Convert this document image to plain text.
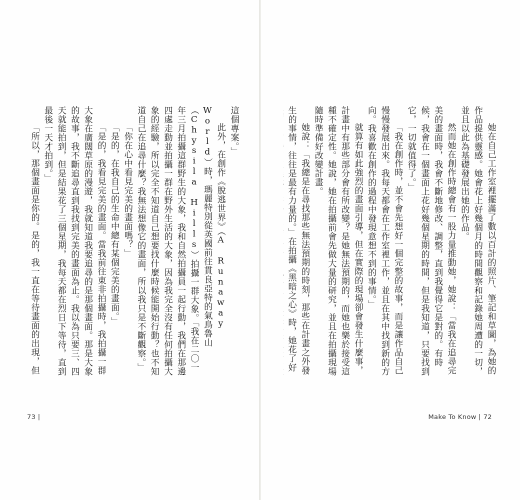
這個專案。」

此外，在創作《脫逃世界》（A Runaway World）時，瑪麗特別從英國前往貫良亞特的氣鳥魯山（Chysila Hills）拍攝一群大象。「我在二〇一年三月拍攝這群野生的大象，我和自然拍攝員一起行動，我們在那邊四處走動並拍攝一群在野外生活的大象，因為我完全沒有任何拍攝大象的經驗，所以完全不知道自己想要找什麼時候能開始行動？也不知道自己在追尋什麼？我無法想像它的畫面，所以我只是不斷觀察。」

「你在心中看見完美的畫面嗎？」

「是的，在我自己的生命中總有某個完美的畫面。」

「是的，我看見完美的畫面。當我前往東非拍攝時，我拍攝一群大象在廣闊草原的漫遊，我就知道我要追尋的是那個畫面。那是大象的故事，我不斷追尋直到我找到完美的畫面為止。我以為只要三、四天就能拍到，但是結果花了三個星期，我每天都在烈日下等待，直到最後一天才拍到。」

「所以，那個畫面是你的。是的，我一直在等待畫面的出現，但

73 |

她在自己工作室裡擺滿了數以百計的照片、筆記和草圖，為她的作品提供靈感。她會花上好幾個月的時間觀察和記錄她周遭的一切，並且以此為基礎發展出她的作品。

然而她在創作時總會有一股力量推動她，她說：「當我在追尋完美的畫面時，我會不斷地修改、調整，直到我覺得它是對的。有時候，我會在一個畫面上花好幾個星期的時間，但是我知道，只要找到它，一切就值得了。」

「我在創作時，並不會先想好一個完整的故事，而是讓作品自己慢慢發展出來。我每天都會在工作室裡工作，並且在其中找到新的方向。我喜歡在創作的過程中發現意想不到的事情。」

就算有如此強烈的畫面引導，但在實際的現場卻會發生什麼事，計畫中有那些部分會有所改變？是她無法預期的，而她也樂於接受這種不確定性。她說，她在拍攝前會先做大量的研究，並且在拍攝現場隨時準備好改變計畫。

她說：「我總是在尋找那些無法預期的時刻，那些在計畫之外發生的事情，往往是最有力量的。」在拍攝《黑暗之心》時，她花了好

Make To Know | 72
